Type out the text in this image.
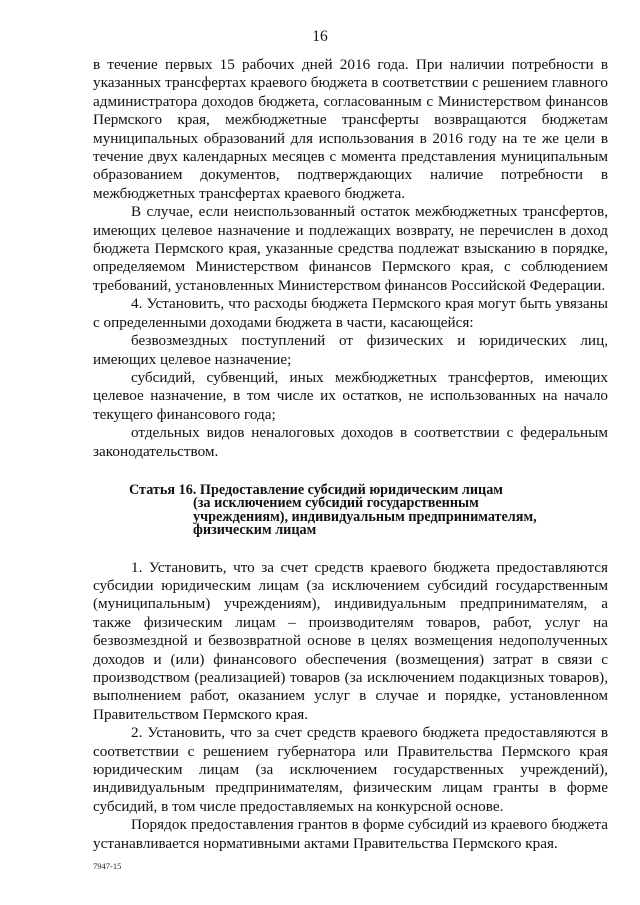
16

в течение первых 15 рабочих дней 2016 года. При наличии потребности в указанных трансфертах краевого бюджета в соответствии с решением главного администратора доходов бюджета, согласованным с Министерством финансов Пермского края, межбюджетные трансферты возвращаются бюджетам муниципальных образований для использования в 2016 году на те же цели в течение двух календарных месяцев с момента представления муниципальным образованием документов, подтверждающих наличие потребности в межбюджетных трансфертах краевого бюджета.

В случае, если неиспользованный остаток межбюджетных трансфертов, имеющих целевое назначение и подлежащих возврату, не перечислен в доход бюджета Пермского края, указанные средства подлежат взысканию в порядке, определяемом Министерством финансов Пермского края, с соблюдением требований, установленных Министерством финансов Российской Федерации.

4. Установить, что расходы бюджета Пермского края могут быть увязаны с определенными доходами бюджета в части, касающейся:

безвозмездных поступлений от физических и юридических лиц, имеющих целевое назначение;

субсидий, субвенций, иных межбюджетных трансфертов, имеющих целевое назначение, в том числе их остатков, не использованных на начало текущего финансового года;

отдельных видов неналоговых доходов в соответствии с федеральным законодательством.

Статья 16. Предоставление субсидий юридическим лицам
(за исключением субсидий государственным
учреждениям), индивидуальным предпринимателям,
физическим лицам

1. Установить, что за счет средств краевого бюджета предоставляются субсидии юридическим лицам (за исключением субсидий государственным (муниципальным) учреждениям), индивидуальным предпринимателям, а также физическим лицам – производителям товаров, работ, услуг на безвозмездной и безвозвратной основе в целях возмещения недополученных доходов и (или) финансового обеспечения (возмещения) затрат в связи с производством (реализацией) товаров (за исключением подакцизных товаров), выполнением работ, оказанием услуг в случае и порядке, установленном Правительством Пермского края.

2. Установить, что за счет средств краевого бюджета предоставляются в соответствии с решением губернатора или Правительства Пермского края юридическим лицам (за исключением государственных учреждений), индивидуальным предпринимателям, физическим лицам гранты в форме субсидий, в том числе предоставляемых на конкурсной основе.

Порядок предоставления грантов в форме субсидий из краевого бюджета устанавливается нормативными актами Правительства Пермского края.

7947-15
